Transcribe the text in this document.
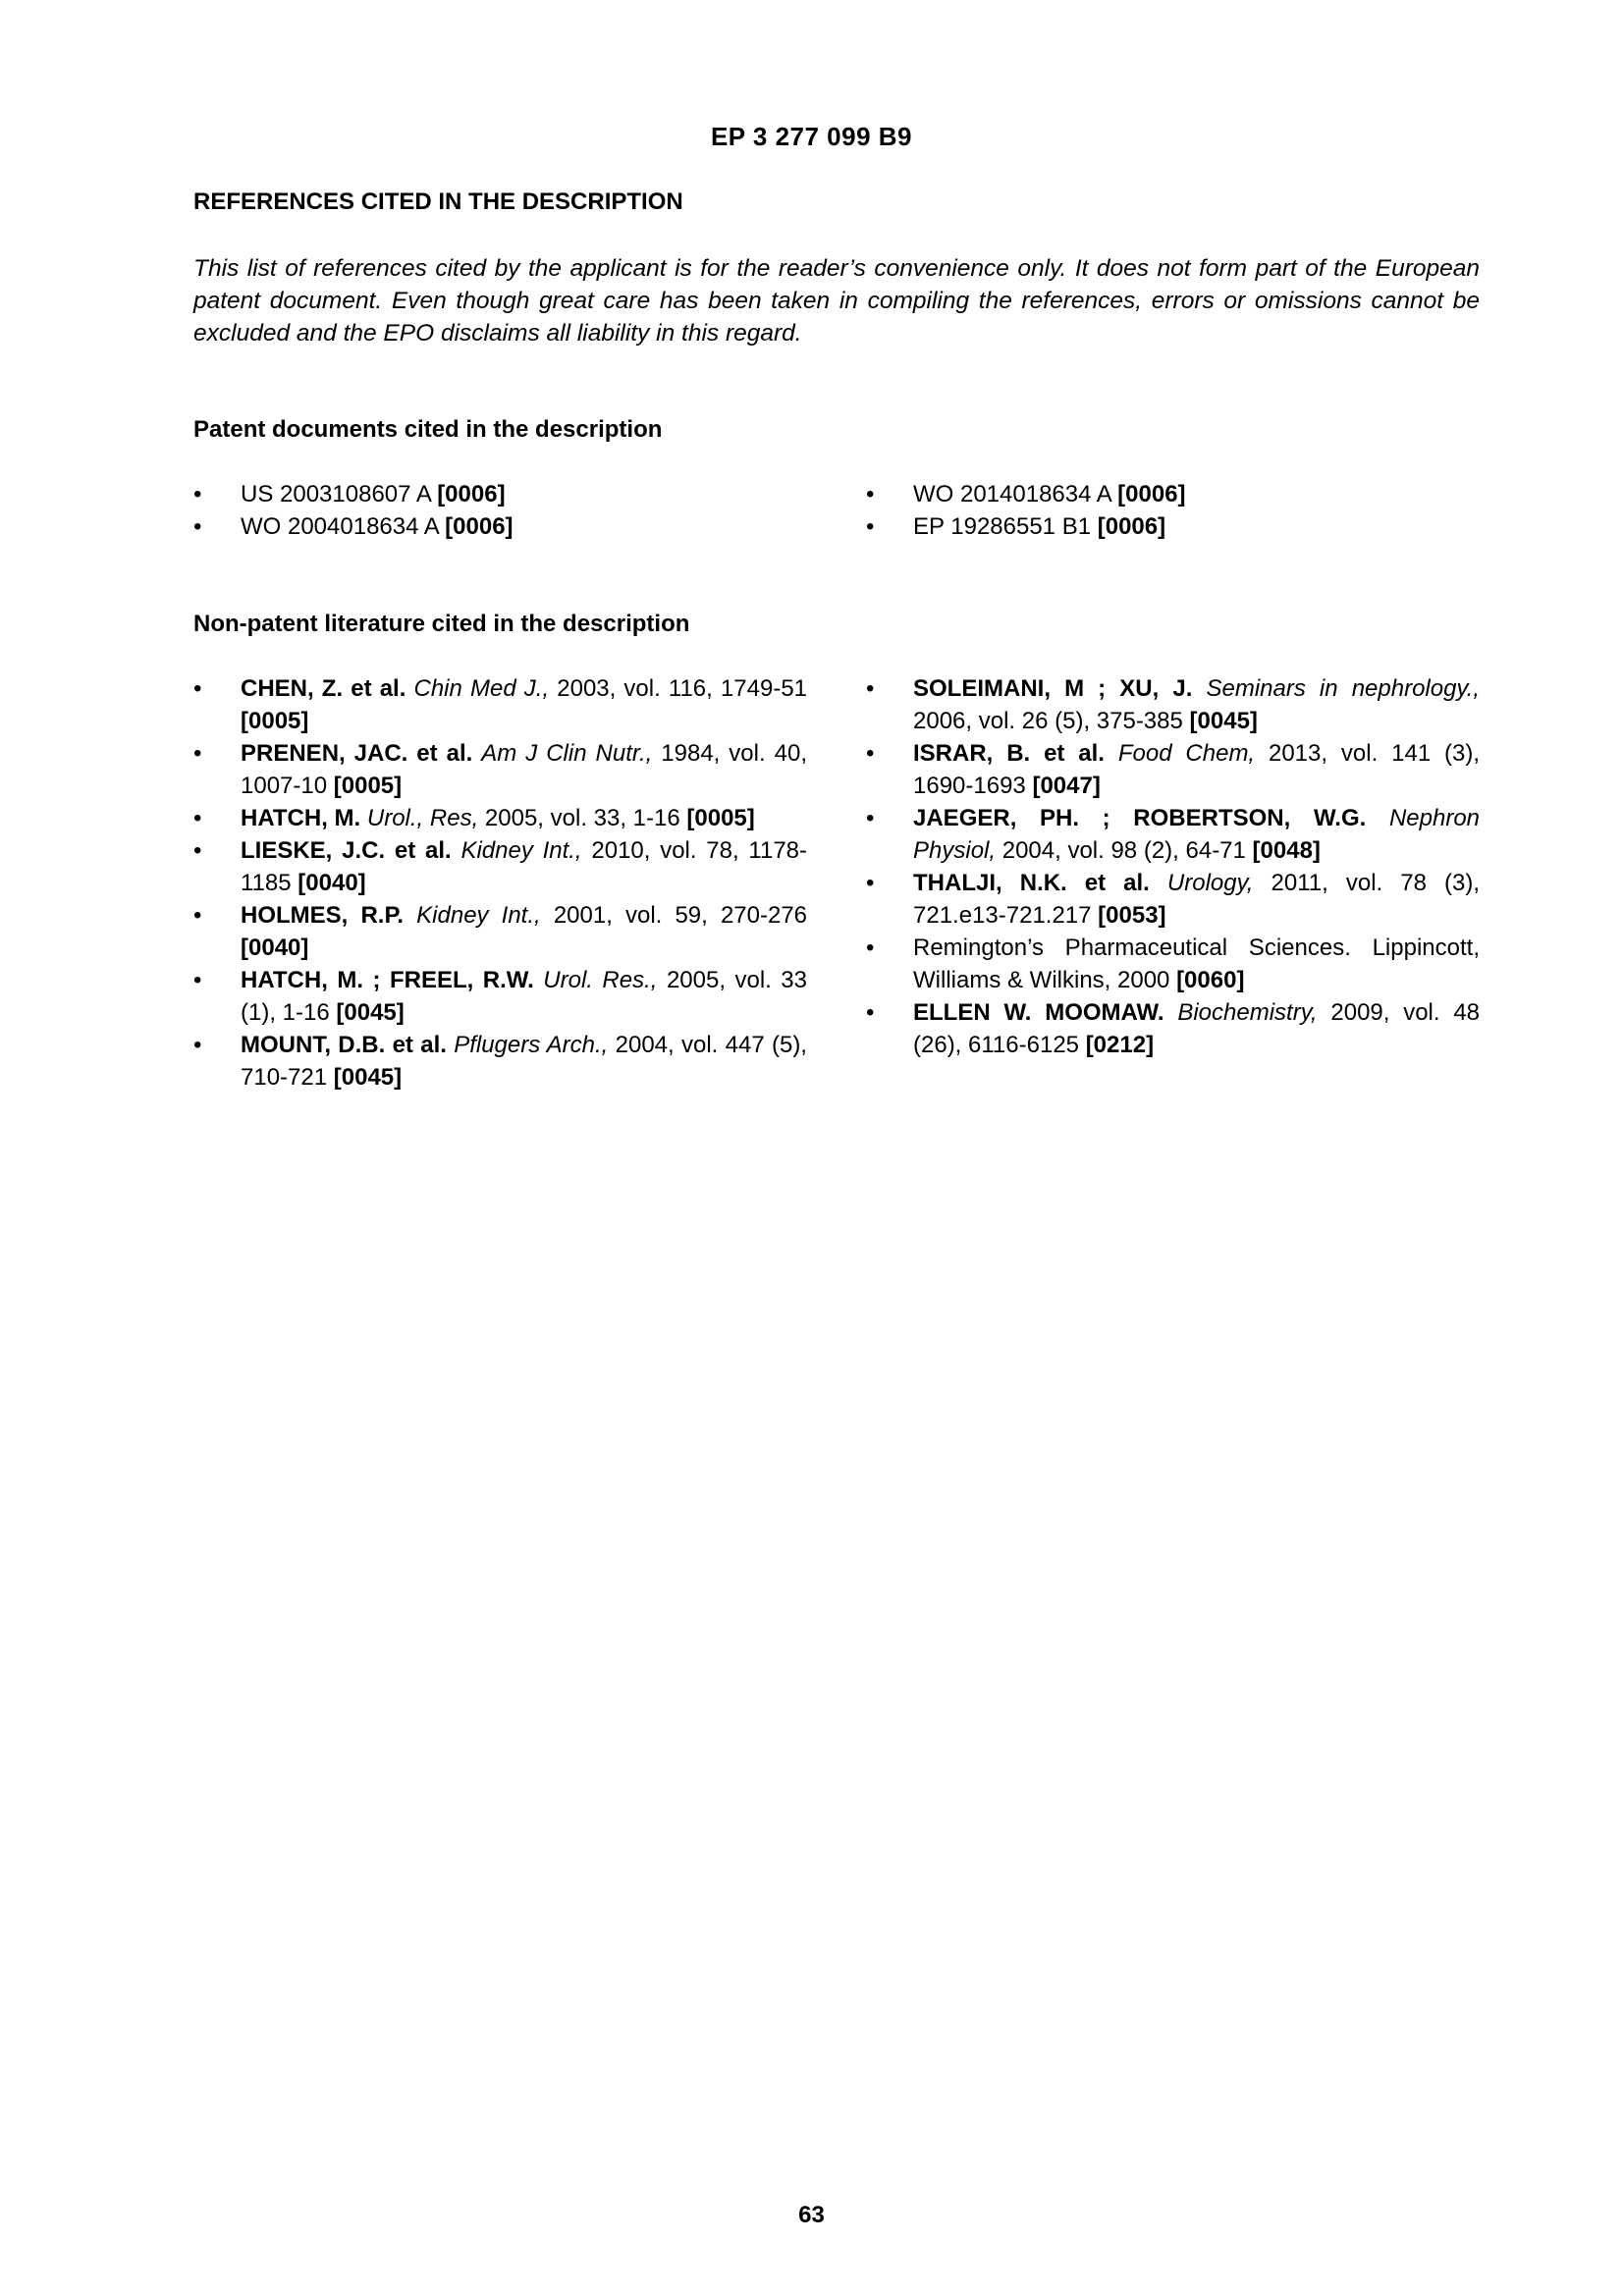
EP 3 277 099 B9
REFERENCES CITED IN THE DESCRIPTION
This list of references cited by the applicant is for the reader’s convenience only. It does not form part of the European patent document. Even though great care has been taken in compiling the references, errors or omissions cannot be excluded and the EPO disclaims all liability in this regard.
Patent documents cited in the description
•	US 2003108607 A [0006]
•	WO 2004018634 A [0006]
•	WO 2014018634 A [0006]
•	EP 19286551 B1 [0006]
Non-patent literature cited in the description
•	CHEN, Z. et al. Chin Med J., 2003, vol. 116, 1749-51 [0005]
•	PRENEN, JAC. et al. Am J Clin Nutr., 1984, vol. 40, 1007-10 [0005]
•	HATCH, M. Urol., Res, 2005, vol. 33, 1-16 [0005]
•	LIESKE, J.C. et al. Kidney Int., 2010, vol. 78, 1178-1185 [0040]
•	HOLMES, R.P. Kidney Int., 2001, vol. 59, 270-276 [0040]
•	HATCH, M. ; FREEL, R.W. Urol. Res., 2005, vol. 33 (1), 1-16 [0045]
•	MOUNT, D.B. et al. Pflugers Arch., 2004, vol. 447 (5), 710-721 [0045]
•	SOLEIMANI, M ; XU, J. Seminars in nephrology., 2006, vol. 26 (5), 375-385 [0045]
•	ISRAR, B. et al. Food Chem, 2013, vol. 141 (3), 1690-1693 [0047]
•	JAEGER, PH. ; ROBERTSON, W.G. Nephron Physiol, 2004, vol. 98 (2), 64-71 [0048]
•	THALJI, N.K. et al. Urology, 2011, vol. 78 (3), 721.e13-721.217 [0053]
•	Remington’s Pharmaceutical Sciences. Lippincott, Williams & Wilkins, 2000 [0060]
•	ELLEN W. MOOMAW. Biochemistry, 2009, vol. 48 (26), 6116-6125 [0212]
63
